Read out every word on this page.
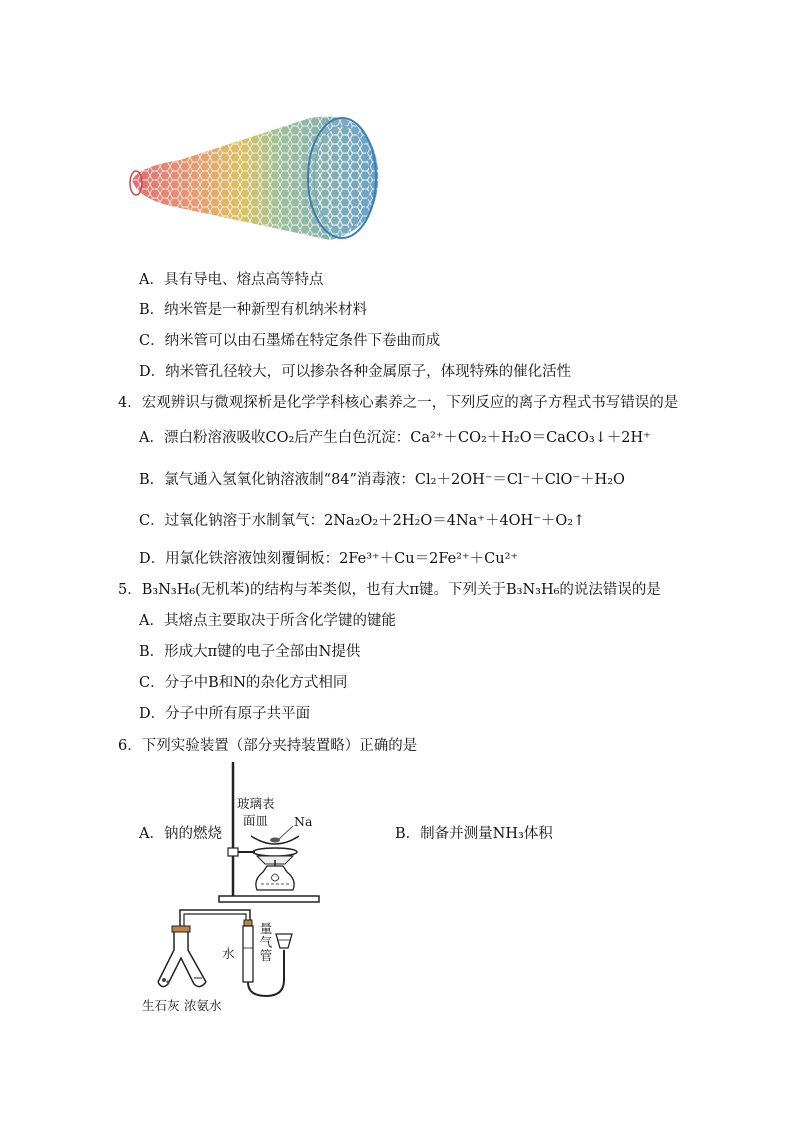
A．具有导电、熔点高等特点
B．纳米管是一种新型有机纳米材料
C．纳米管可以由石墨烯在特定条件下卷曲而成
D．纳米管孔径较大，可以掺杂各种金属原子，体现特殊的催化活性
4．宏观辨识与微观探析是化学学科核心素养之一，下列反应的离子方程式书写错误的是
A．漂白粉溶液吸收CO₂后产生白色沉淀：Ca²⁺＋CO₂＋H₂O＝CaCO₃↓＋2H⁺
B．氯气通入氢氧化钠溶液制“84”消毒液：Cl₂＋2OH⁻＝Cl⁻＋ClO⁻＋H₂O
C．过氧化钠溶于水制氧气：2Na₂O₂＋2H₂O＝4Na⁺＋4OH⁻＋O₂↑
D．用氯化铁溶液蚀刻覆铜板：2Fe³⁺＋Cu＝2Fe²⁺＋Cu²⁺
5．B₃N₃H₆(无机苯)的结构与苯类似，也有大π键。下列关于B₃N₃H₆的说法错误的是
A．其熔点主要取决于所含化学键的键能
B．形成大π键的电子全部由N提供
C．分子中B和N的杂化方式相同
D．分子中所有原子共平面
6．下列实验装置（部分夹持装置略）正确的是
A．钠的燃烧	B．制备并测量NH₃体积
玻璃表
面皿 Na
水 量气管
生石灰 浓氨水
